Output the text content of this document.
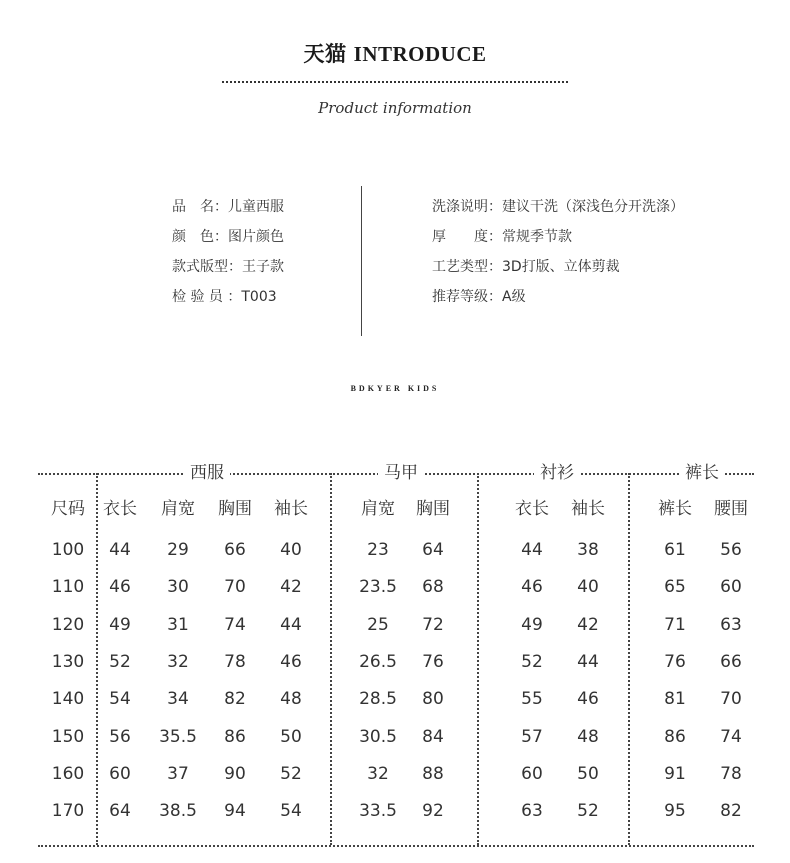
天猫 INTRODUCE
Product information
品　名：儿童西服
颜　色：图片颜色
款式版型：王子款
检 验 员 ：T003
洗涤说明：建议干洗（深浅色分开洗涤）
厚　　度：常规季节款
工艺类型：3D打版、立体剪裁
推荐等级：A级
BDKYER KIDS
西服	马甲	衬衫	裤长
尺码	衣长	肩宽	胸围	袖长	肩宽	胸围	衣长	袖长	裤长	腰围
100	44	29	66	40	23	64	44	38	61	56
110	46	30	70	42	23.5	68	46	40	65	60
120	49	31	74	44	25	72	49	42	71	63
130	52	32	78	46	26.5	76	52	44	76	66
140	54	34	82	48	28.5	80	55	46	81	70
150	56	35.5	86	50	30.5	84	57	48	86	74
160	60	37	90	52	32	88	60	50	91	78
170	64	38.5	94	54	33.5	92	63	52	95	82
